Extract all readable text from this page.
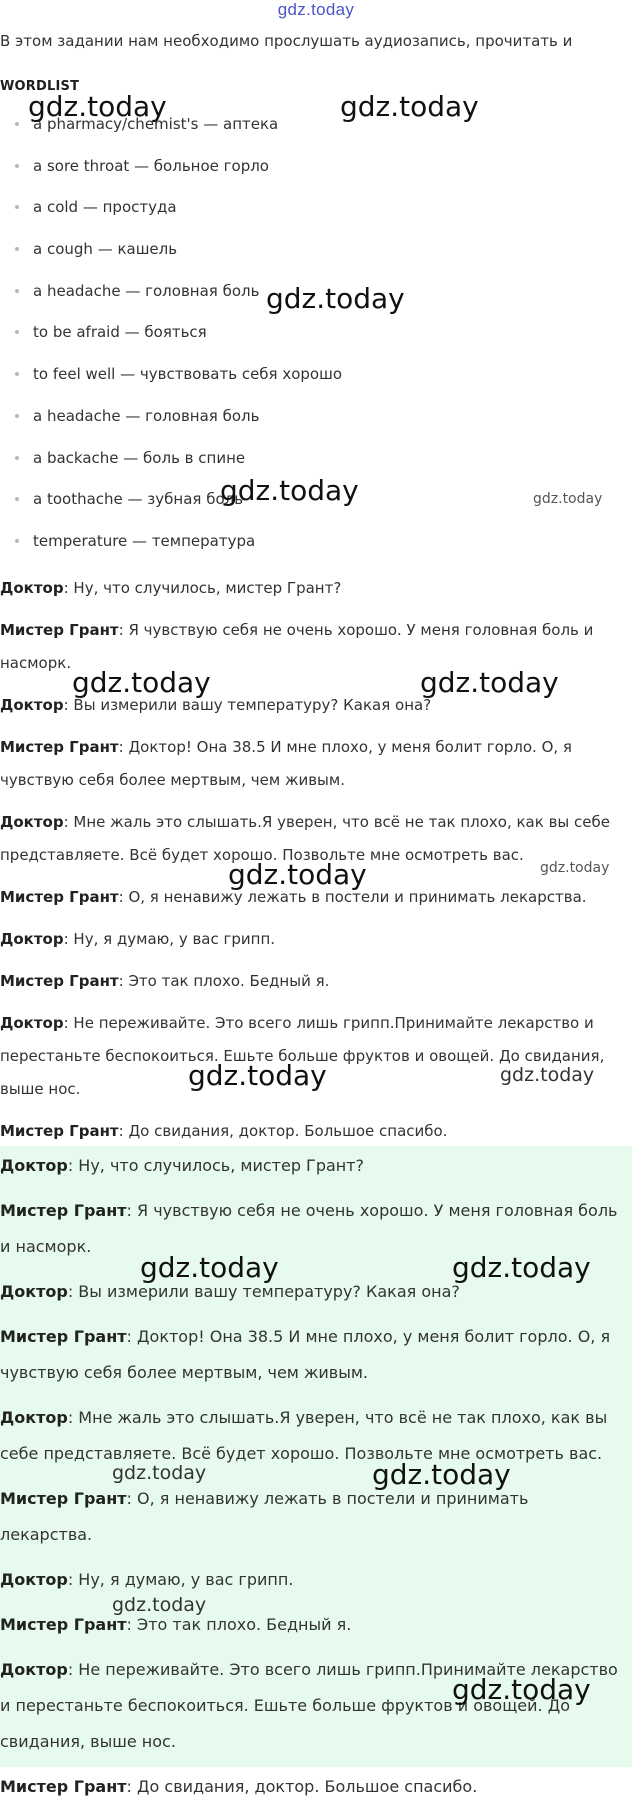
gdz.today
В этом задании нам необходимо прослушать аудиозапись, прочитать и
WORDLIST
a pharmacy/chemist's — аптека
a sore throat — больное горло
a cold — простуда
a cough — кашель
a headache — головная боль
to be afraid — бояться
to feel well — чувствовать себя хорошо
a headache — головная боль
a backache — боль в спине
a toothache — зубная боль
temperature — температура

Доктор: Ну, что случилось, мистер Грант?

Мистер Грант: Я чувствую себя не очень хорошо. У меня головная боль и насморк.

Доктор: Вы измерили вашу температуру? Какая она?

Мистер Грант: Доктор! Она 38.5 И мне плохо, у меня болит горло. О, я чувствую себя более мертвым, чем живым.

Доктор: Мне жаль это слышать.Я уверен, что всё не так плохо, как вы себе представляете. Всё будет хорошо. Позвольте мне осмотреть вас.

Мистер Грант: О, я ненавижу лежать в постели и принимать лекарства.

Доктор: Ну, я думаю, у вас грипп.

Мистер Грант: Это так плохо. Бедный я.

Доктор: Не переживайте. Это всего лишь грипп.Принимайте лекарство и перестаньте беспокоиться. Ешьте больше фруктов и овощей. До свидания, выше нос.

Мистер Грант: До свидания, доктор. Большое спасибо.

Доктор: Ну, что случилось, мистер Грант?

Мистер Грант: Я чувствую себя не очень хорошо. У меня головная боль и насморк.

Доктор: Вы измерили вашу температуру? Какая она?

Мистер Грант: Доктор! Она 38.5 И мне плохо, у меня болит горло. О, я чувствую себя более мертвым, чем живым.

Доктор: Мне жаль это слышать.Я уверен, что всё не так плохо, как вы себе представляете. Всё будет хорошо. Позвольте мне осмотреть вас.

Мистер Грант: О, я ненавижу лежать в постели и принимать лекарства.

Доктор: Ну, я думаю, у вас грипп.

Мистер Грант: Это так плохо. Бедный я.

Доктор: Не переживайте. Это всего лишь грипп.Принимайте лекарство и перестаньте беспокоиться. Ешьте больше фруктов и овощей. До свидания, выше нос.

Мистер Грант: До свидания, доктор. Большое спасибо.

gdz.today	gdz.today
gdz.today
gdz.today	gdz.today
gdz.today	gdz.today
gdz.today	gdz.today
gdz.today	gdz.today
gdz.today	gdz.today
gdz.today	gdz.today
gdz.today
gdz.today
